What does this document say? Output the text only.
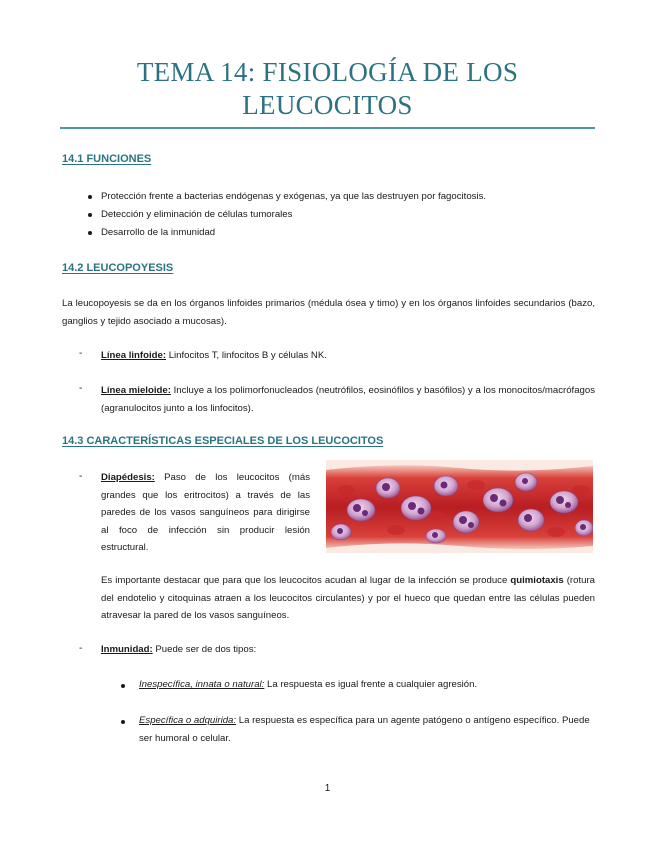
TEMA 14: FISIOLOGÍA DE LOS LEUCOCITOS
14.1 FUNCIONES
Protección frente a bacterias endógenas y exógenas, ya que las destruyen por fagocitosis.
Detección y eliminación de células tumorales
Desarrollo de la inmunidad
14.2 LEUCOPOYESIS
La leucopoyesis se da en los órganos linfoides primarios (médula ósea y timo) y en los órganos linfoides secundarios (bazo, ganglios y tejido asociado a mucosas).
- Línea linfoide: Linfocitos T, linfocitos B y células NK.
- Línea mieloide: Incluye a los polimorfonucleados (neutrófilos, eosinófilos y basófilos) y a los monocitos/macrófagos (agranulocitos junto a los linfocitos).
14.3 CARACTERÍSTICAS ESPECIALES DE LOS LEUCOCITOS
- Diapédesis: Paso de los leucocitos (más grandes que los eritrocitos) a través de las paredes de los vasos sanguíneos para dirigirse al foco de infección sin producir lesión estructural.
Es importante destacar que para que los leucocitos acudan al lugar de la infección se produce quimiotaxis (rotura del endotelio y citoquinas atraen a los leucocitos circulantes) y por el hueco que quedan entre las células pueden atravesar la pared de los vasos sanguíneos.
- Inmunidad: Puede ser de dos tipos:
Inespecífica, innata o natural: La respuesta es igual frente a cualquier agresión.
Específica o adquirida: La respuesta es específica para un agente patógeno o antígeno específico. Puede ser humoral o celular.
1
